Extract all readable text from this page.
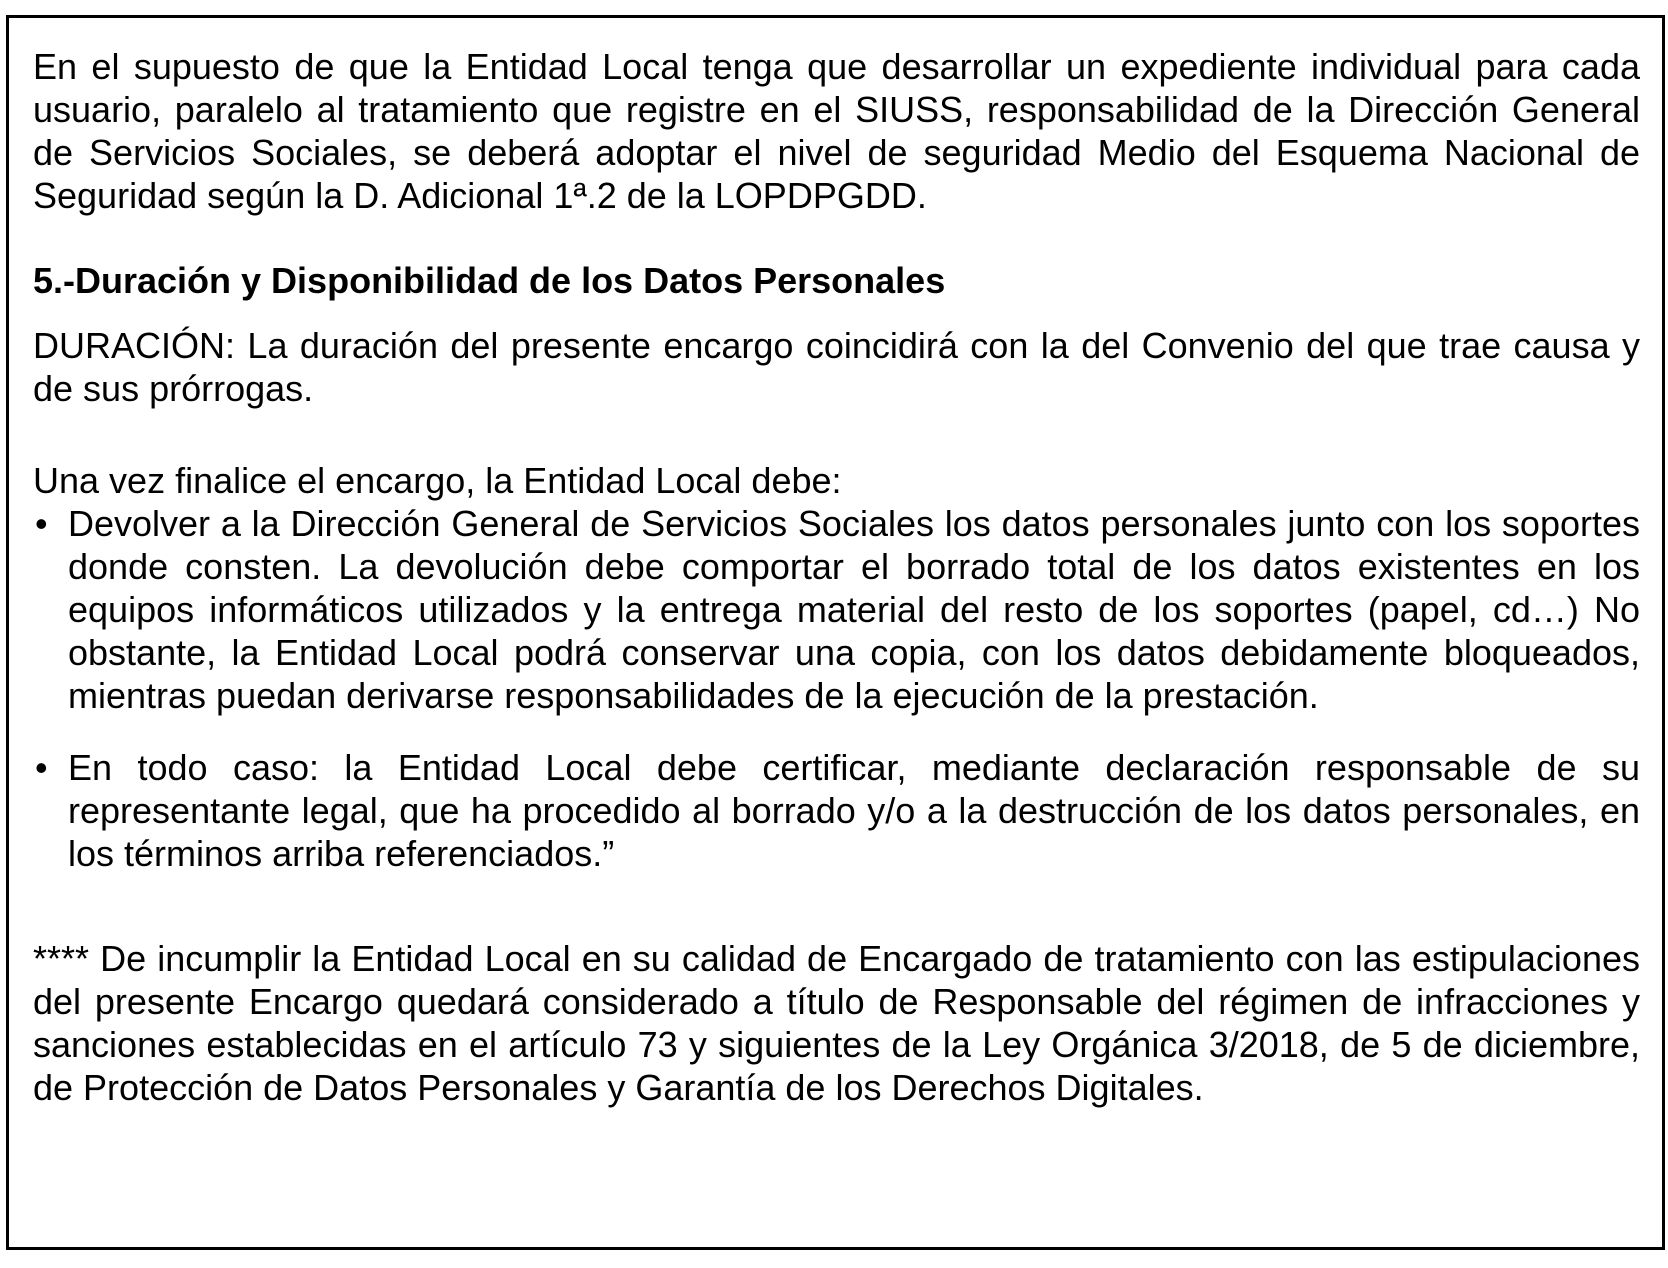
En el supuesto de que la Entidad Local tenga que desarrollar un expediente individual para cada usuario, paralelo al tratamiento que registre en el SIUSS, responsabilidad de la Dirección General de Servicios Sociales, se deberá adoptar el nivel de seguridad Medio del Esquema Nacional de Seguridad según la D. Adicional 1ª.2 de la LOPDPGDD.

5.-Duración y Disponibilidad de los Datos Personales

DURACIÓN: La duración del presente encargo coincidirá con la del Convenio del que trae causa y de sus prórrogas.

Una vez finalice el encargo, la Entidad Local debe:

• Devolver a la Dirección General de Servicios Sociales los datos personales junto con los soportes donde consten. La devolución debe comportar el borrado total de los datos existentes en los equipos informáticos utilizados y la entrega material del resto de los soportes (papel, cd…) No obstante, la Entidad Local podrá conservar una copia, con los datos debidamente bloqueados, mientras puedan derivarse responsabilidades de la ejecución de la prestación.

• En todo caso: la Entidad Local debe certificar, mediante declaración responsable de su representante legal, que ha procedido al borrado y/o a la destrucción de los datos personales, en los términos arriba referenciados.”

**** De incumplir la Entidad Local en su calidad de Encargado de tratamiento con las estipulaciones del presente Encargo quedará considerado a título de Responsable del régimen de infracciones y sanciones establecidas en el artículo 73 y siguientes de la Ley Orgánica 3/2018, de 5 de diciembre, de Protección de Datos Personales y Garantía de los Derechos Digitales.
